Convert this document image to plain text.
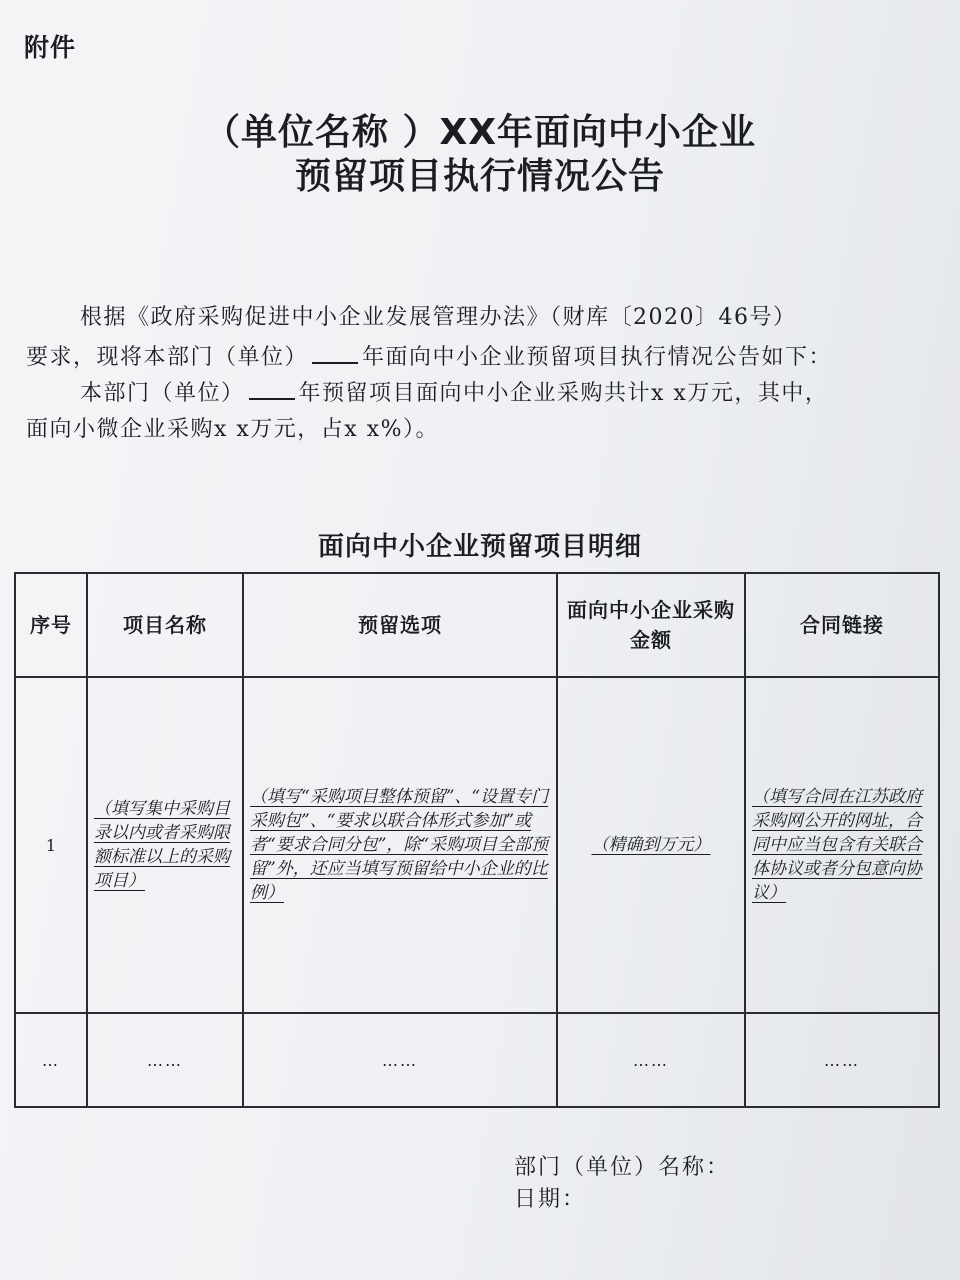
附件
（单位名称 ）XX年面向中小企业
预留项目执行情况公告
根据《政府采购促进中小企业发展管理办法》（财库〔2020〕46号）
要求，现将本部门（单位） 年面向中小企业预留项目执行情况公告如下：
本部门（单位） 年预留项目面向中小企业采购共计x x万元，其中，
面向小微企业采购x x万元，占x x%）。
面向中小企业预留项目明细
序号	项目名称	预留选项	面向中小企业采购金额	合同链接
1	（填写集中采购目录以内或者采购限额标准以上的采购项目）	（填写“采购项目整体预留”、“设置专门采购包”、“要求以联合体形式参加”或者“要求合同分包”，除“采购项目全部预留”外，还应当填写预留给中小企业的比例）	（精确到万元）	（填写合同在江苏政府采购网公开的网址，合同中应当包含有关联合体协议或者分包意向协议）
…	……	……	……	……
部门（单位）名称：
日期：
